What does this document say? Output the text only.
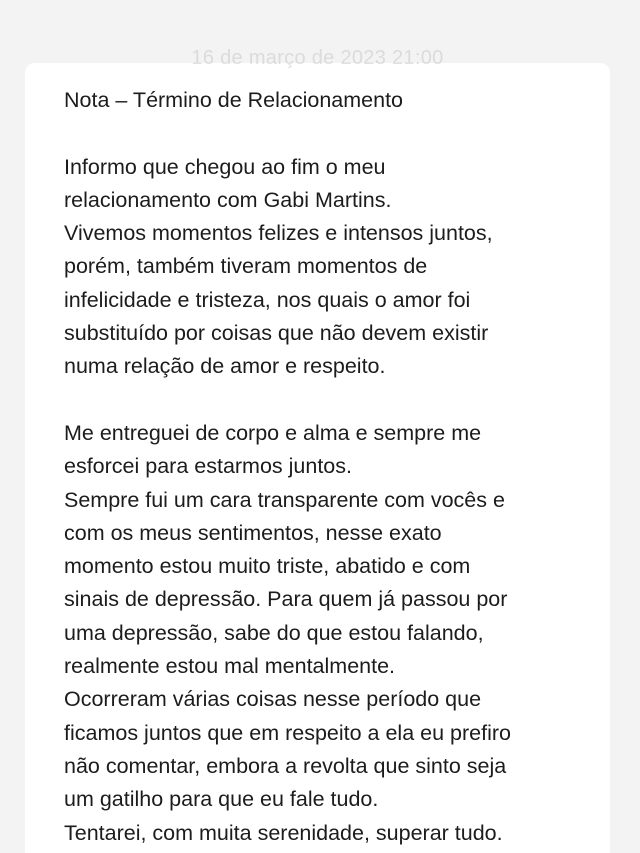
16 de março de 2023 21:00

Nota – Término de Relacionamento

Informo que chegou ao fim o meu

relacionamento com Gabi Martins.

Vivemos momentos felizes e intensos juntos,

porém, também tiveram momentos de

infelicidade e tristeza, nos quais o amor foi

substituído por coisas que não devem existir

numa relação de amor e respeito.

Me entreguei de corpo e alma e sempre me

esforcei para estarmos juntos.

Sempre fui um cara transparente com vocês e

com os meus sentimentos, nesse exato

momento estou muito triste, abatido e com

sinais de depressão. Para quem já passou por

uma depressão, sabe do que estou falando,

realmente estou mal mentalmente.

Ocorreram várias coisas nesse período que

ficamos juntos que em respeito a ela eu prefiro

não comentar, embora a revolta que sinto seja

um gatilho para que eu fale tudo.

Tentarei, com muita serenidade, superar tudo.
